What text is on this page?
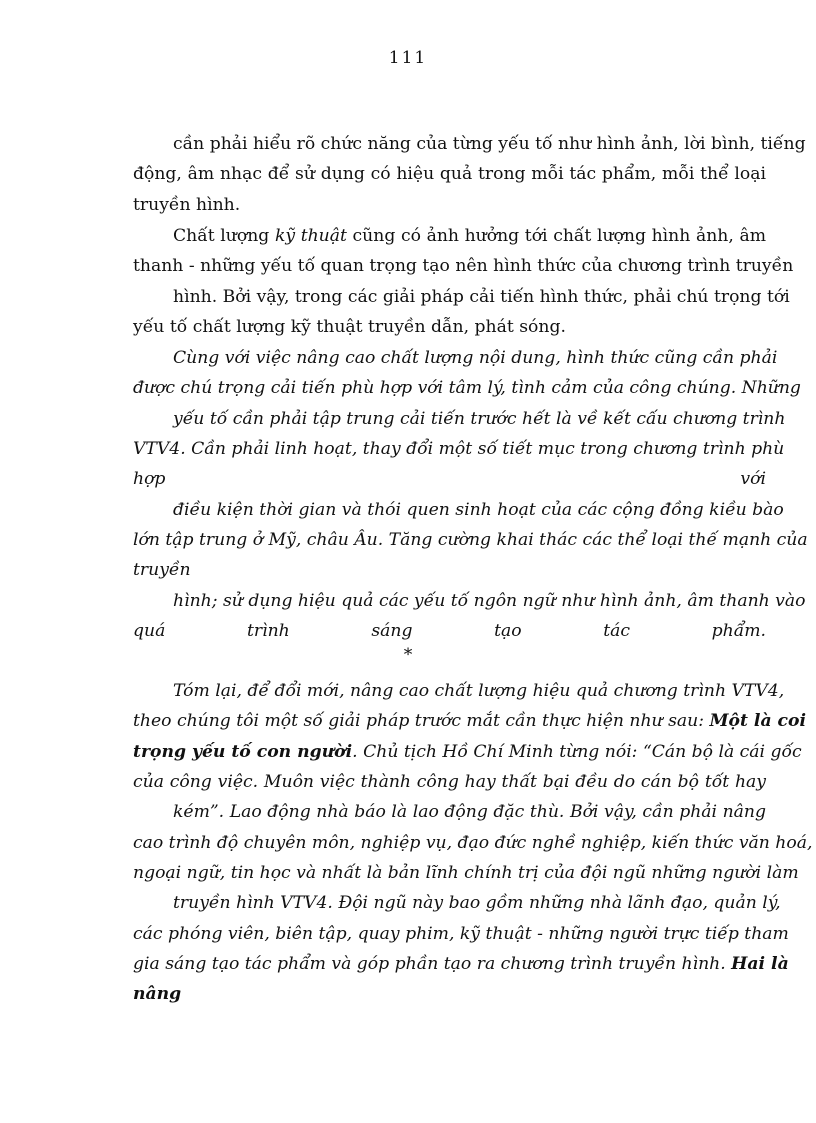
111
cần phải hiểu rõ chức năng của từng yếu tố như hình ảnh, lời bình, tiếng
động, âm nhạc để sử dụng có hiệu quả trong mỗi tác phẩm, mỗi thể loại
truyền hình.
Chất lượng kỹ thuật cũng có ảnh hưởng tới chất lượng hình ảnh, âm
thanh - những yếu tố quan trọng tạo nên hình thức của chương trình truyền
hình. Bởi vậy, trong các giải pháp cải tiến hình thức, phải chú trọng tới
yếu tố chất lượng kỹ thuật truyền dẫn, phát sóng.
Cùng với việc nâng cao chất lượng nội dung, hình thức cũng cần phải
được chú trọng cải tiến phù hợp với tâm lý, tình cảm của công chúng. Những
yếu tố cần phải tập trung cải tiến trước hết là về kết cấu chương trình
VTV4. Cần phải linh hoạt, thay đổi một số tiết mục trong chương trình phù
hợp với
điều kiện thời gian và thói quen sinh hoạt của các cộng đồng kiều bào
lớn tập trung ở Mỹ, châu Âu. Tăng cường khai thác các thể loại thế mạnh của
truyền
hình; sử dụng hiệu quả các yếu tố ngôn ngữ như hình ảnh, âm thanh vào
quá trình sáng tạo tác phẩm.
*
Tóm lại, để đổi mới, nâng cao chất lượng hiệu quả chương trình VTV4,
theo chúng tôi một số giải pháp trước mắt cần thực hiện như sau: Một là coi
trọng yếu tố con người. Chủ tịch Hồ Chí Minh từng nói: “Cán bộ là cái gốc
của công việc. Muôn việc thành công hay thất bại đều do cán bộ tốt hay
kém”. Lao động nhà báo là lao động đặc thù. Bởi vậy, cần phải nâng
cao trình độ chuyên môn, nghiệp vụ, đạo đức nghề nghiệp, kiến thức văn hoá,
ngoại ngữ, tin học và nhất là bản lĩnh chính trị của đội ngũ những người làm
truyền hình VTV4. Đội ngũ này bao gồm những nhà lãnh đạo, quản lý,
các phóng viên, biên tập, quay phim, kỹ thuật - những người trực tiếp tham
gia sáng tạo tác phẩm và góp phần tạo ra chương trình truyền hình. Hai là
nâng
